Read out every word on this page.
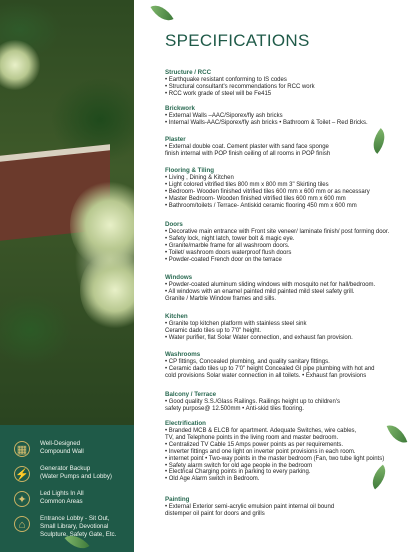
▦
Well-Designed
Compound Wall
⚡
Generator Backup
(Water Pumps and Lobby)
✦
Led Lights In All
Common Areas
⌂
Entrance Lobby - Sit Out,
Small Library, Devotional
Sculpture, Safety Gate, Etc.
SPECIFICATIONS
Structure / RCC
• Earthquake resistant conforming to IS codes
• Structural consultant's recommendations for RCC work
• RCC work grade of steel will be Fe415
Brickwork
• External Walls –AAC/Siporex/fly ash bricks
• Internal Walls-AAC/Siporex/fly ash bricks • Bathroom & Toilet – Red Bricks.
Plaster
• External double coat. Cement plaster with sand face sponge
finish internal with POP finish ceiling of all rooms in POP finish
Flooring & Tiling
• Living , Dining & Kitchen
• Light colored vitrified tiles 800 mm x 800 mm 3" Skirting tiles
• Bedroom- Wooden finished vitrified tiles 600 mm x 600 mm or as necessary
• Master Bedroom- Wooden finished vitrified tiles 600 mm x 600 mm
• Bathroom/toilets / Terrace- Antiskid ceramic flooring 450 mm x 600 mm
Doors
• Decorative main entrance with Front site veneer/ laminate finish/ post forming door.
• Safety lock, night latch, tower bolt & magic eye.
• Granite/marble frame for all washroom doors.
• Toilet/ washroom doors waterproof flush doors
• Powder-coated French door on the terrace
Windows
• Powder-coated aluminum sliding windows with mosquito net for hall/bedroom.
• All windows with an enamel painted mild painted mild steel safety grill.
Granite / Marble Window frames and sills.
Kitchen
• Granite top kitchen platform with stainless steel sink
Ceramic dado tiles up to 7'0" height.
• Water purifier, flat Solar Water connection, and exhaust fan provision.
Washrooms
• CP fittings, Concealed plumbing, and quality sanitary fittings.
• Ceramic dado tiles up to 7'0" height Concealed GI pipe plumbing with hot and
cold provisions Solar water connection in all toilets. • Exhaust fan provisions
Balcony / Terrace
• Good quality S.S./Glass Railings. Railings height up to children's
safety purpose@ 12.500mm • Anti-skid tiles flooring.
Electrification
• Branded MCB & ELCB for apartment. Adequate Switches, wire cables,
TV, and Telephone points in the living room and master bedroom.
• Centralized TV Cable 15 Amps power points as per requirements.
• Inverter fittings and one light on inverter point provisions in each room.
• internet point • Two-way points in the master bedroom (Fan, two tube light points)
• Safety alarm switch for old age people in the bedroom
• Electrical Charging points in parking to every parking.
• Old Age Alarm switch in Bedroom.
Painting
• External Exterior semi-acrylic emulsion paint internal oil bound
distemper oil paint for doors and grills
